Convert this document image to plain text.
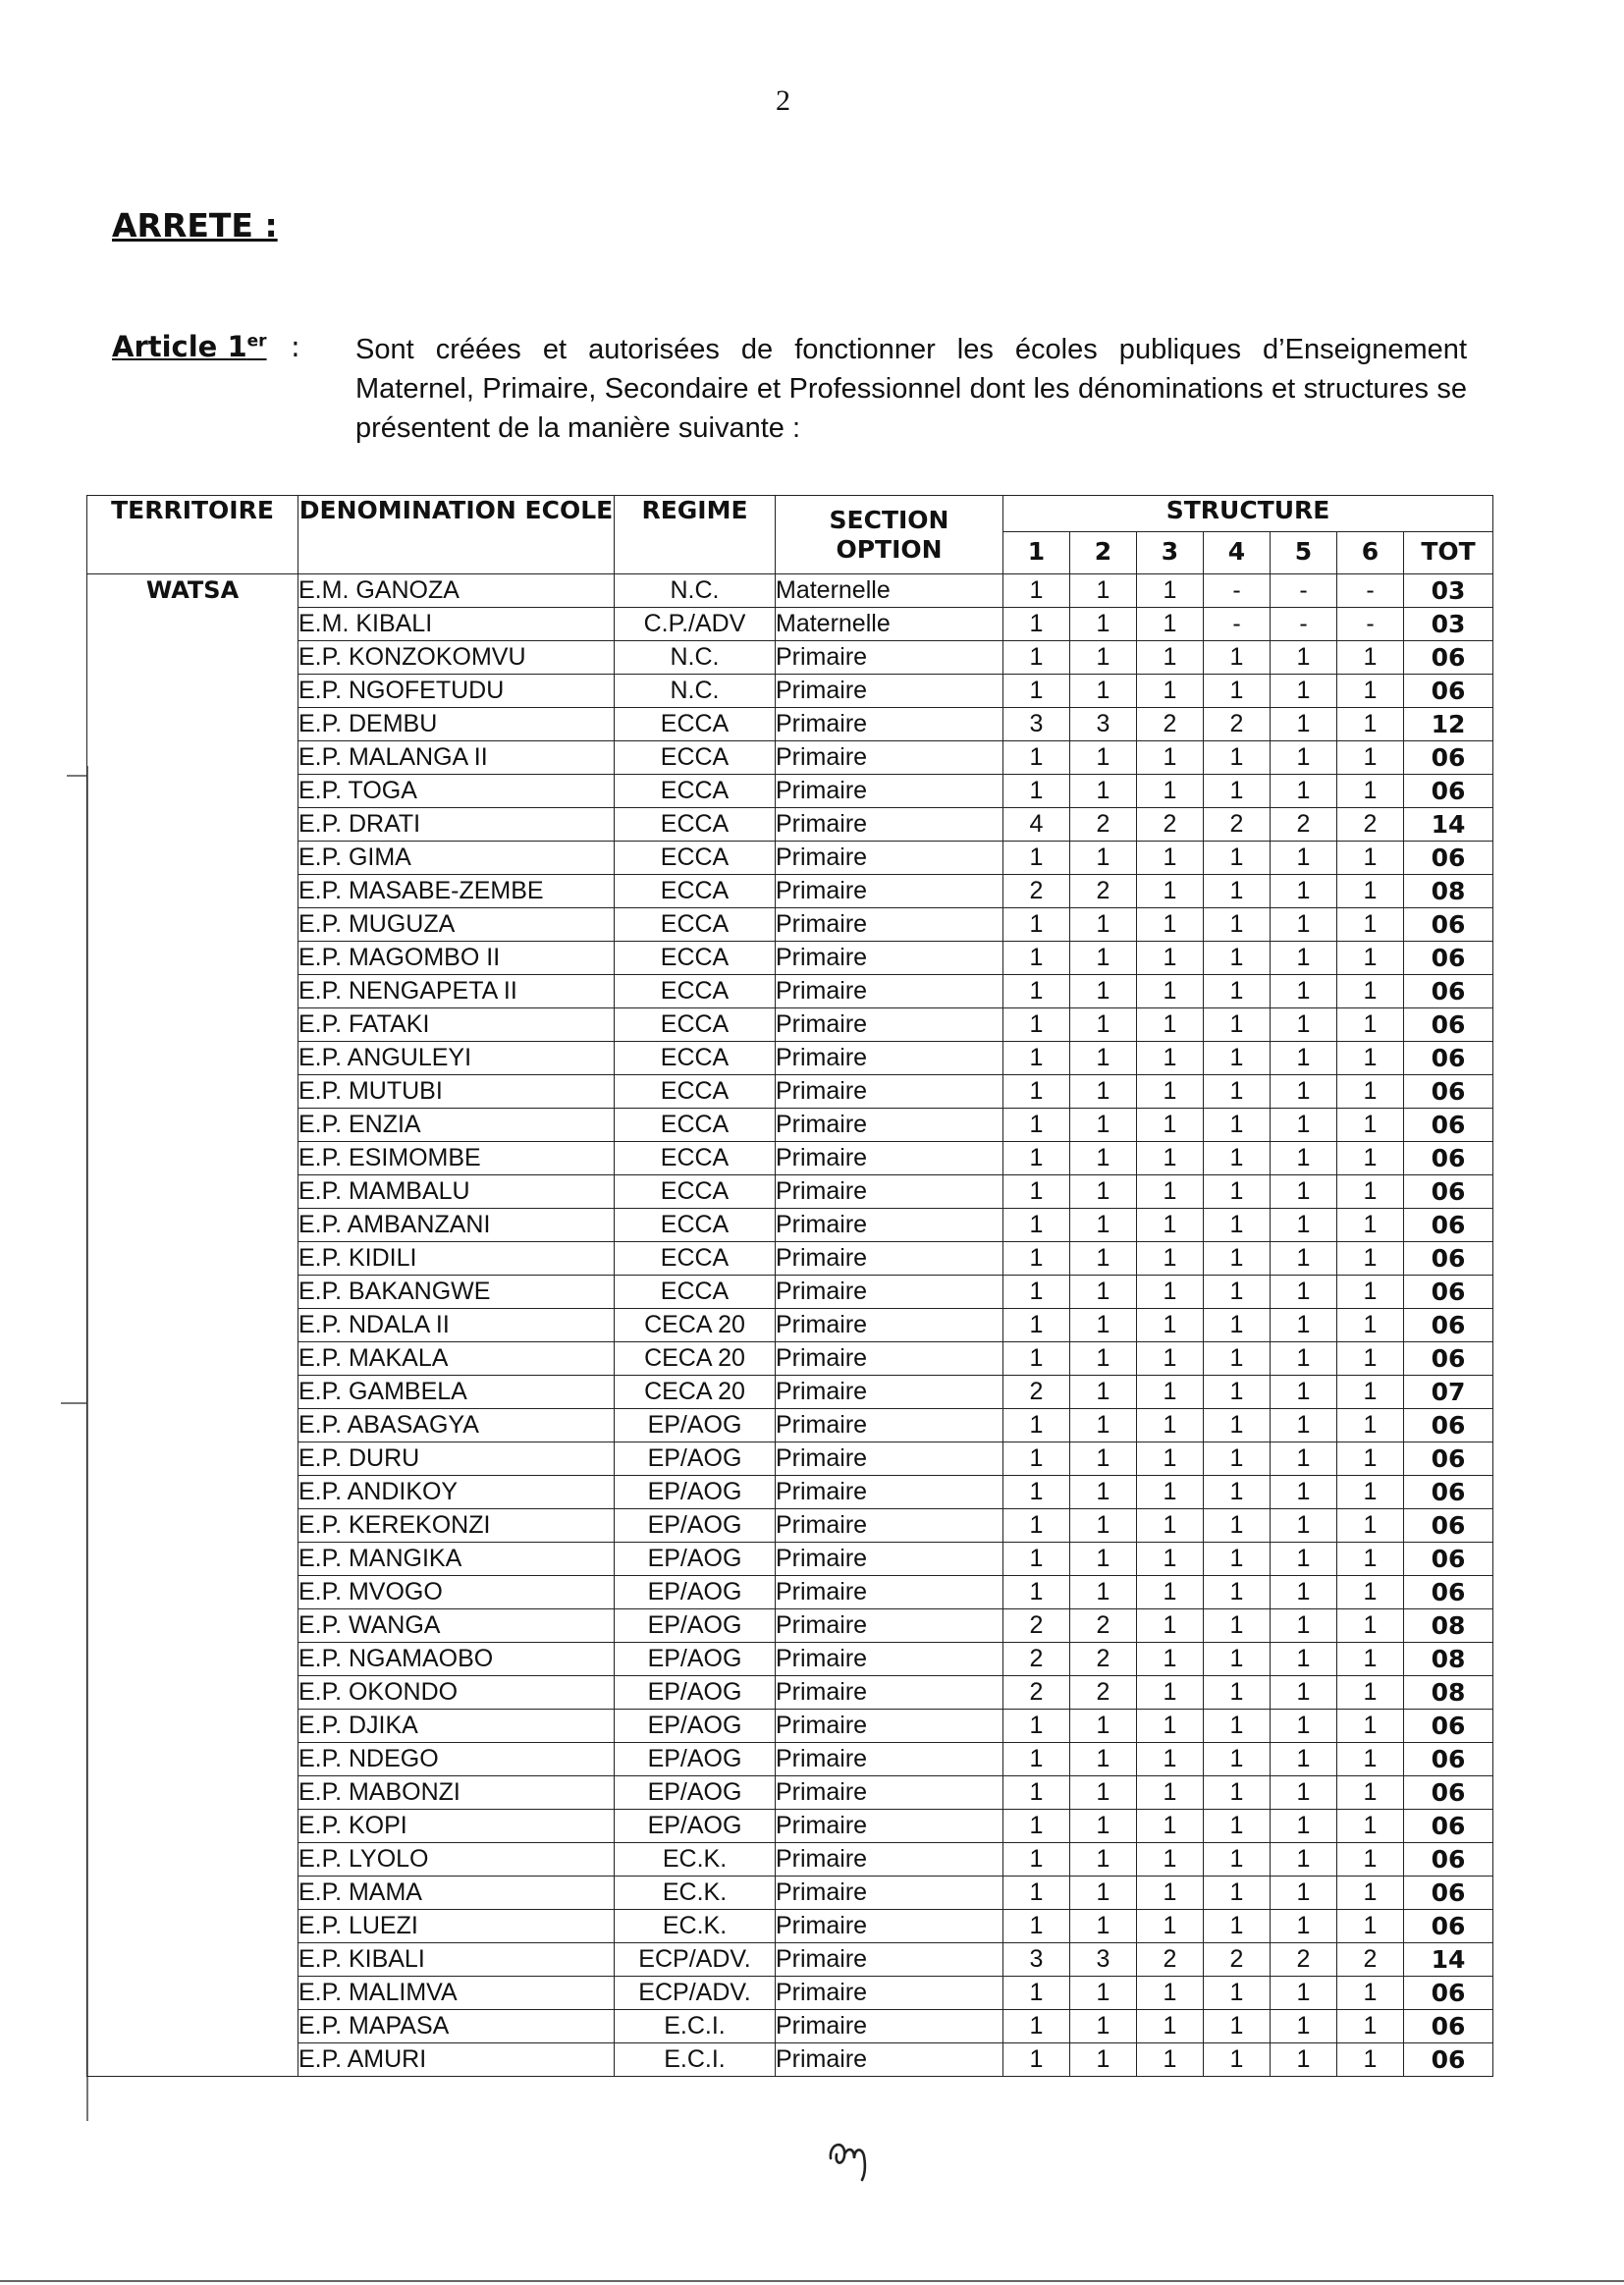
2
ARRETE :
Article 1er : Sont créées et autorisées de fonctionner les écoles publiques d’Enseignement Maternel, Primaire, Secondaire et Professionnel dont les dénominations et structures se présentent de la manière suivante :
TERRITOIRE	DENOMINATION ECOLE	REGIME	SECTION OPTION	STRUCTURE						
				1	2	3	4	5	6	TOT
WATSA	E.M. GANOZA	N.C.	Maternelle	1	1	1	-	-	-	03
	E.M. KIBALI	C.P./ADV	Maternelle	1	1	1	-	-	-	03
	E.P. KONZOKOMVU	N.C.	Primaire	1	1	1	1	1	1	06
	E.P. NGOFETUDU	N.C.	Primaire	1	1	1	1	1	1	06
	E.P. DEMBU	ECCA	Primaire	3	3	2	2	1	1	12
	E.P. MALANGA II	ECCA	Primaire	1	1	1	1	1	1	06
	E.P. TOGA	ECCA	Primaire	1	1	1	1	1	1	06
	E.P. DRATI	ECCA	Primaire	4	2	2	2	2	2	14
	E.P. GIMA	ECCA	Primaire	1	1	1	1	1	1	06
	E.P. MASABE-ZEMBE	ECCA	Primaire	2	2	1	1	1	1	08
	E.P. MUGUZA	ECCA	Primaire	1	1	1	1	1	1	06
	E.P. MAGOMBO II	ECCA	Primaire	1	1	1	1	1	1	06
	E.P. NENGAPETA II	ECCA	Primaire	1	1	1	1	1	1	06
	E.P. FATAKI	ECCA	Primaire	1	1	1	1	1	1	06
	E.P. ANGULEYI	ECCA	Primaire	1	1	1	1	1	1	06
	E.P. MUTUBI	ECCA	Primaire	1	1	1	1	1	1	06
	E.P. ENZIA	ECCA	Primaire	1	1	1	1	1	1	06
	E.P. ESIMOMBE	ECCA	Primaire	1	1	1	1	1	1	06
	E.P. MAMBALU	ECCA	Primaire	1	1	1	1	1	1	06
	E.P. AMBANZANI	ECCA	Primaire	1	1	1	1	1	1	06
	E.P. KIDILI	ECCA	Primaire	1	1	1	1	1	1	06
	E.P. BAKANGWE	ECCA	Primaire	1	1	1	1	1	1	06
	E.P. NDALA II	CECA 20	Primaire	1	1	1	1	1	1	06
	E.P. MAKALA	CECA 20	Primaire	1	1	1	1	1	1	06
	E.P. GAMBELA	CECA 20	Primaire	2	1	1	1	1	1	07
	E.P. ABASAGYA	EP/AOG	Primaire	1	1	1	1	1	1	06
	E.P. DURU	EP/AOG	Primaire	1	1	1	1	1	1	06
	E.P. ANDIKOY	EP/AOG	Primaire	1	1	1	1	1	1	06
	E.P. KEREKONZI	EP/AOG	Primaire	1	1	1	1	1	1	06
	E.P. MANGIKA	EP/AOG	Primaire	1	1	1	1	1	1	06
	E.P. MVOGO	EP/AOG	Primaire	1	1	1	1	1	1	06
	E.P. WANGA	EP/AOG	Primaire	2	2	1	1	1	1	08
	E.P. NGAMAOBO	EP/AOG	Primaire	2	2	1	1	1	1	08
	E.P. OKONDO	EP/AOG	Primaire	2	2	1	1	1	1	08
	E.P. DJIKA	EP/AOG	Primaire	1	1	1	1	1	1	06
	E.P. NDEGO	EP/AOG	Primaire	1	1	1	1	1	1	06
	E.P. MABONZI	EP/AOG	Primaire	1	1	1	1	1	1	06
	E.P. KOPI	EP/AOG	Primaire	1	1	1	1	1	1	06
	E.P. LYOLO	EC.K.	Primaire	1	1	1	1	1	1	06
	E.P. MAMA	EC.K.	Primaire	1	1	1	1	1	1	06
	E.P. LUEZI	EC.K.	Primaire	1	1	1	1	1	1	06
	E.P. KIBALI	ECP/ADV.	Primaire	3	3	2	2	2	2	14
	E.P. MALIMVA	ECP/ADV.	Primaire	1	1	1	1	1	1	06
	E.P. MAPASA	E.C.I.	Primaire	1	1	1	1	1	1	06
	E.P. AMURI	E.C.I.	Primaire	1	1	1	1	1	1	06
